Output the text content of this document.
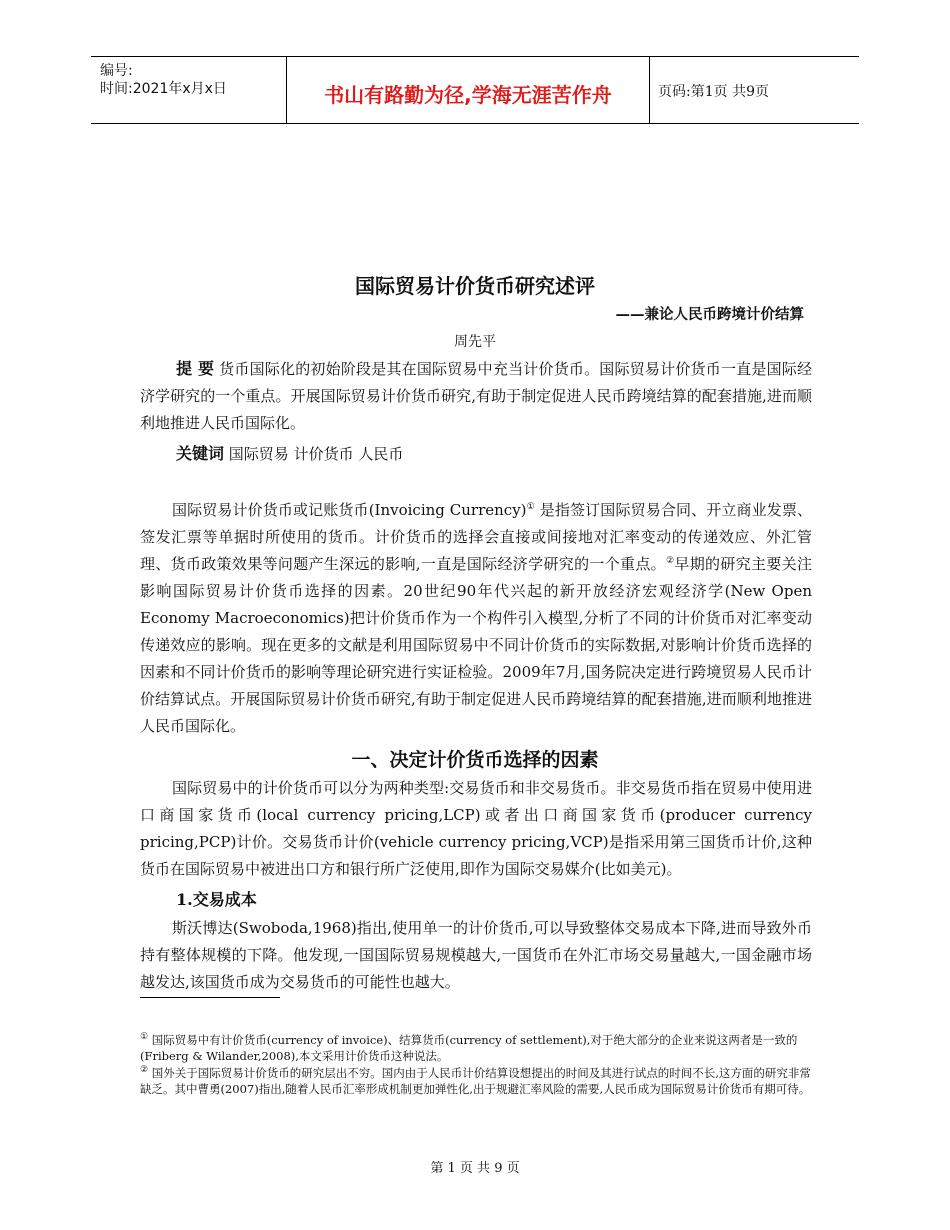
编号:
时间:2021年x月x日	书山有路勤为径,学海无涯苦作舟	页码:第1页 共9页
国际贸易计价货币研究述评
——兼论人民币跨境计价结算
周先平

提 要 货币国际化的初始阶段是其在国际贸易中充当计价货币。国际贸易计价货币一直是国际经济学研究的一个重点。开展国际贸易计价货币研究,有助于制定促进人民币跨境结算的配套措施,进而顺利地推进人民币国际化。

关键词 国际贸易 计价货币 人民币

国际贸易计价货币或记账货币(Invoicing Currency)① 是指签订国际贸易合同、开立商业发票、签发汇票等单据时所使用的货币。计价货币的选择会直接或间接地对汇率变动的传递效应、外汇管理、货币政策效果等问题产生深远的影响,一直是国际经济学研究的一个重点。②早期的研究主要关注影响国际贸易计价货币选择的因素。20世纪90年代兴起的新开放经济宏观经济学(New Open Economy Macroeconomics)把计价货币作为一个构件引入模型,分析了不同的计价货币对汇率变动传递效应的影响。现在更多的文献是利用国际贸易中不同计价货币的实际数据,对影响计价货币选择的因素和不同计价货币的影响等理论研究进行实证检验。2009年7月,国务院决定进行跨境贸易人民币计价结算试点。开展国际贸易计价货币研究,有助于制定促进人民币跨境结算的配套措施,进而顺利地推进人民币国际化。

一、决定计价货币选择的因素

国际贸易中的计价货币可以分为两种类型:交易货币和非交易货币。非交易货币指在贸易中使用进口商国家货币(local currency pricing,LCP)或者出口商国家货币(producer currency pricing,PCP)计价。交易货币计价(vehicle currency pricing,VCP)是指采用第三国货币计价,这种货币在国际贸易中被进出口方和银行所广泛使用,即作为国际交易媒介(比如美元)。

1.交易成本

斯沃博达(Swoboda,1968)指出,使用单一的计价货币,可以导致整体交易成本下降,进而导致外币持有整体规模的下降。他发现,一国国际贸易规模越大,一国货币在外汇市场交易量越大,一国金融市场越发达,该国货币成为交易货币的可能性也越大。

① 国际贸易中有计价货币(currency of invoice)、结算货币(currency of settlement),对于绝大部分的企业来说这两者是一致的(Friberg & Wilander,2008),本文采用计价货币这种说法。

② 国外关于国际贸易计价货币的研究层出不穷。国内由于人民币计价结算设想提出的时间及其进行试点的时间不长,这方面的研究非常缺乏。其中曹勇(2007)指出,随着人民币汇率形成机制更加弹性化,出于规避汇率风险的需要,人民币成为国际贸易计价货币有期可待。

第 1 页 共 9 页
